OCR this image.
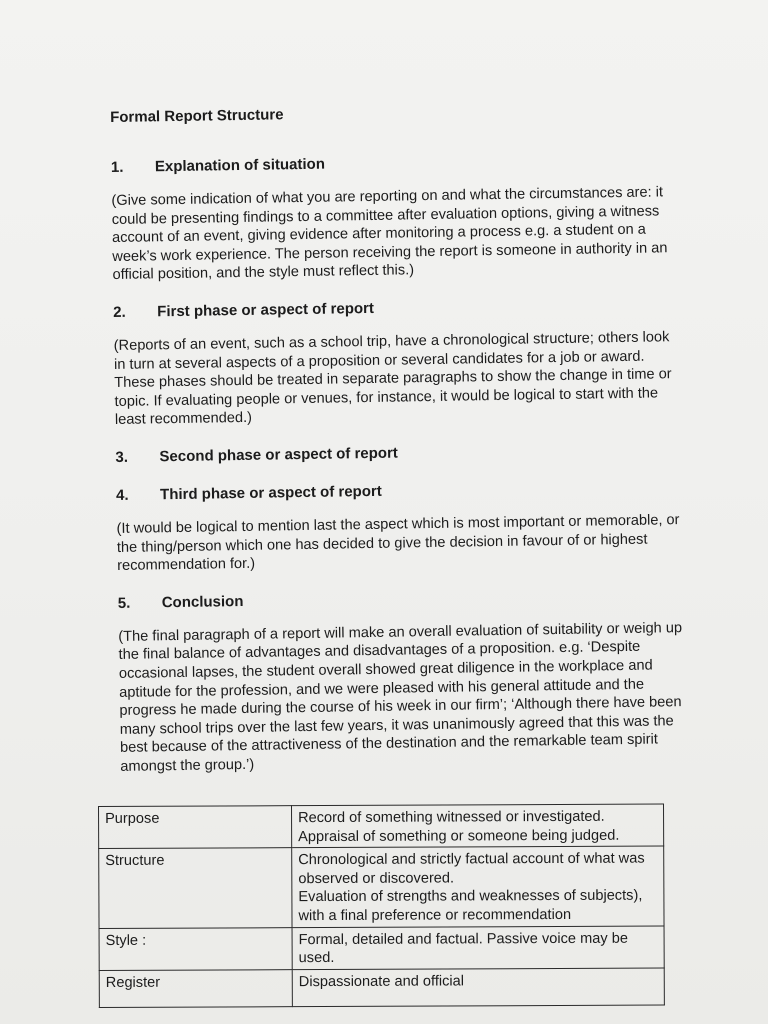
Formal Report Structure
1.	Explanation of situation

(Give some indication of what you are reporting on and what the circumstances are: it could be presenting findings to a committee after evaluation options, giving a witness account of an event, giving evidence after monitoring a process e.g. a student on a week’s work experience. The person receiving the report is someone in authority in an official position, and the style must reflect this.)

2.	First phase or aspect of report

(Reports of an event, such as a school trip, have a chronological structure; others look in turn at several aspects of a proposition or several candidates for a job or award. These phases should be treated in separate paragraphs to show the change in time or topic. If evaluating people or venues, for instance, it would be logical to start with the least recommended.)

3.	Second phase or aspect of report
4.	Third phase or aspect of report

(It would be logical to mention last the aspect which is most important or memorable, or the thing/person which one has decided to give the decision in favour of or highest recommendation for.)

5.	Conclusion

(The final paragraph of a report will make an overall evaluation of suitability or weigh up the final balance of advantages and disadvantages of a proposition. e.g. ‘Despite occasional lapses, the student overall showed great diligence in the workplace and aptitude for the profession, and we were pleased with his general attitude and the progress he made during the course of his week in our firm’; ‘Although there have been many school trips over the last few years, it was unanimously agreed that this was the best because of the attractiveness of the destination and the remarkable team spirit amongst the group.’)

Purpose	Record of something witnessed or investigated.
Appraisal of something or someone being judged.

Structure	Chronological and strictly factual account of what was observed or discovered.
Evaluation of strengths and weaknesses of subjects), with a final preference or recommendation

Style :	Formal, detailed and factual. Passive voice may be used.

Register	Dispassionate and official
